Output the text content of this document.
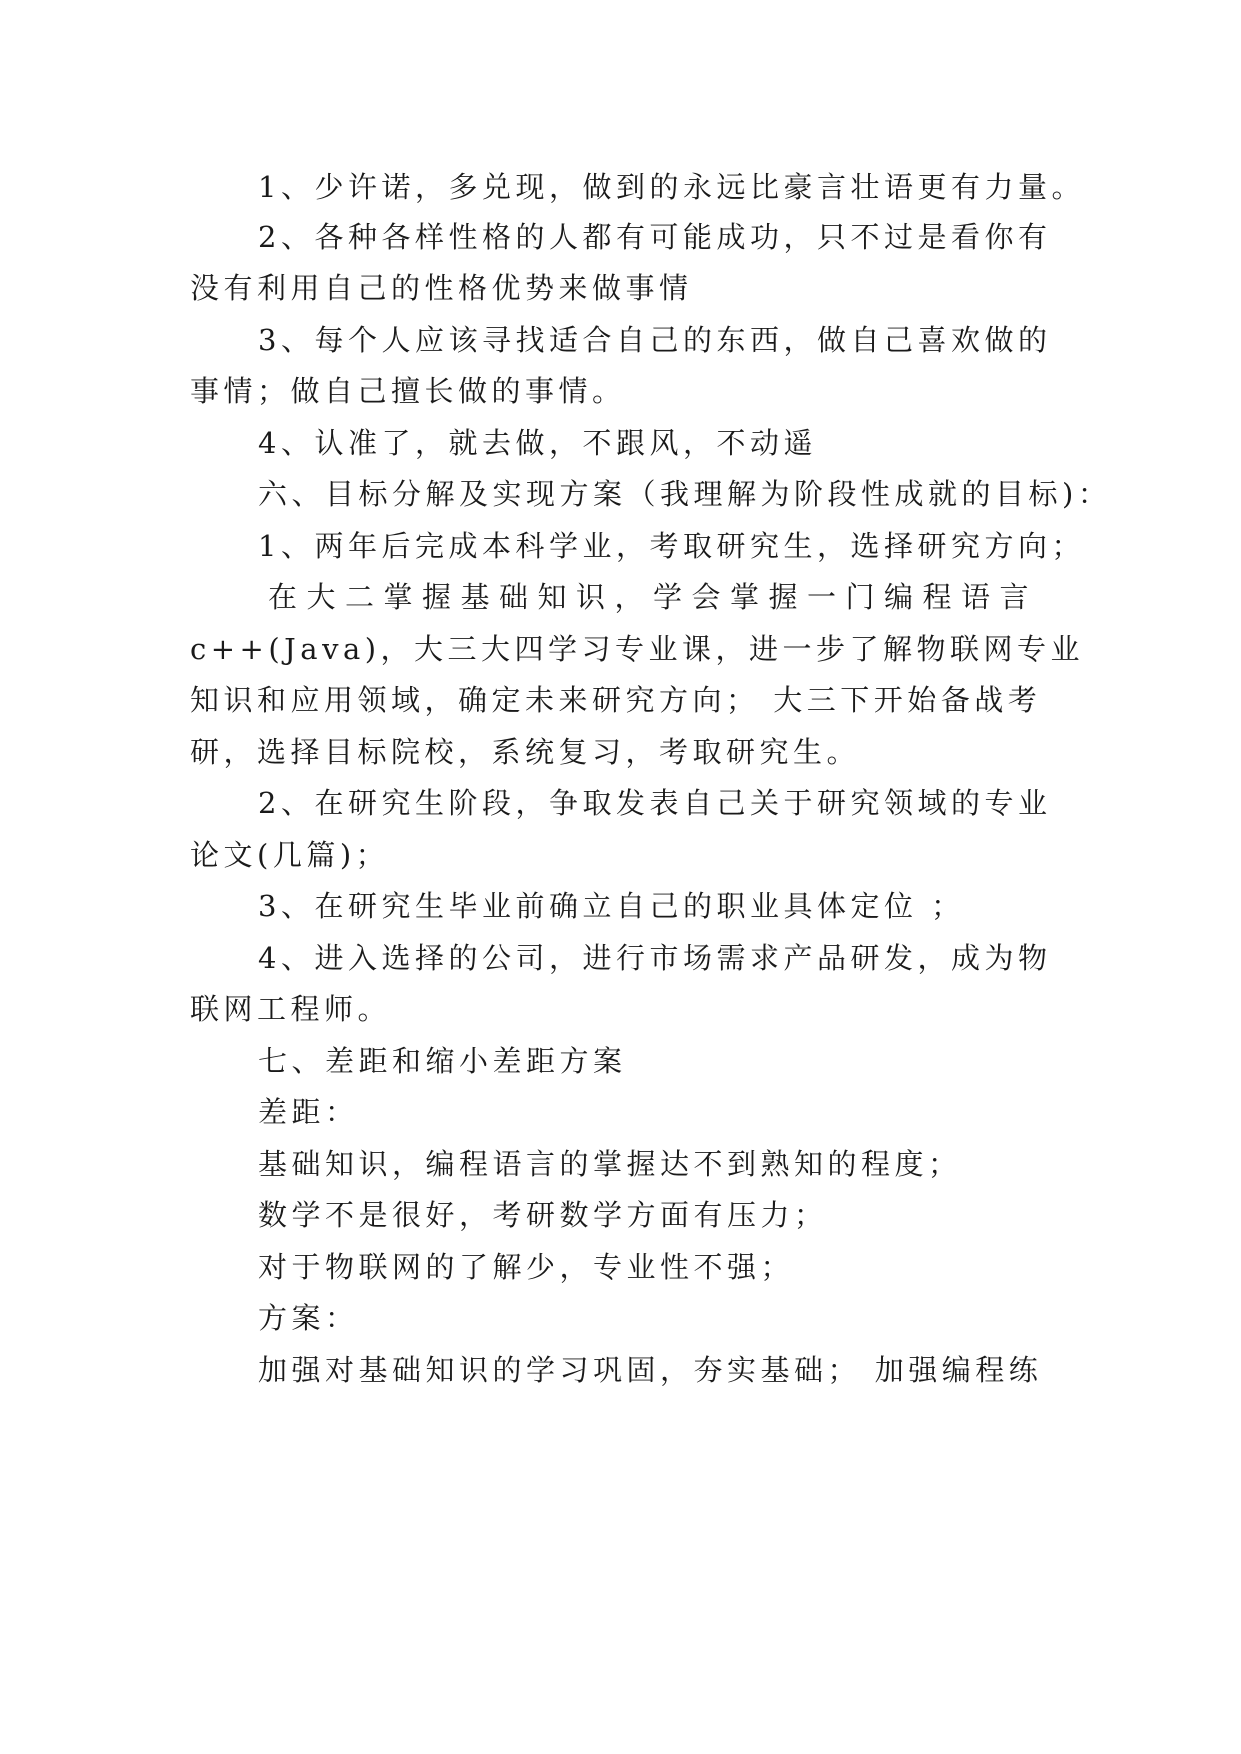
1、少许诺，多兑现，做到的永远比豪言壮语更有力量。
2、各种各样性格的人都有可能成功，只不过是看你有
没有利用自己的性格优势来做事情
3、每个人应该寻找适合自己的东西，做自己喜欢做的
事情；做自己擅长做的事情。
4、认准了，就去做，不跟风，不动遥
六、目标分解及实现方案（我理解为阶段性成就的目标)：
1、两年后完成本科学业，考取研究生，选择研究方向；
在大二掌握基础知识，学会掌握一门编程语言
c++(Java)，大三大四学习专业课，进一步了解物联网专业
知识和应用领域，确定未来研究方向； 大三下开始备战考
研，选择目标院校，系统复习，考取研究生。
2、在研究生阶段，争取发表自己关于研究领域的专业
论文(几篇)；
3、在研究生毕业前确立自己的职业具体定位 ；
4、进入选择的公司，进行市场需求产品研发，成为物
联网工程师。
七、差距和缩小差距方案
差距：
基础知识，编程语言的掌握达不到熟知的程度；
数学不是很好，考研数学方面有压力；
对于物联网的了解少，专业性不强；
方案：
加强对基础知识的学习巩固，夯实基础； 加强编程练
